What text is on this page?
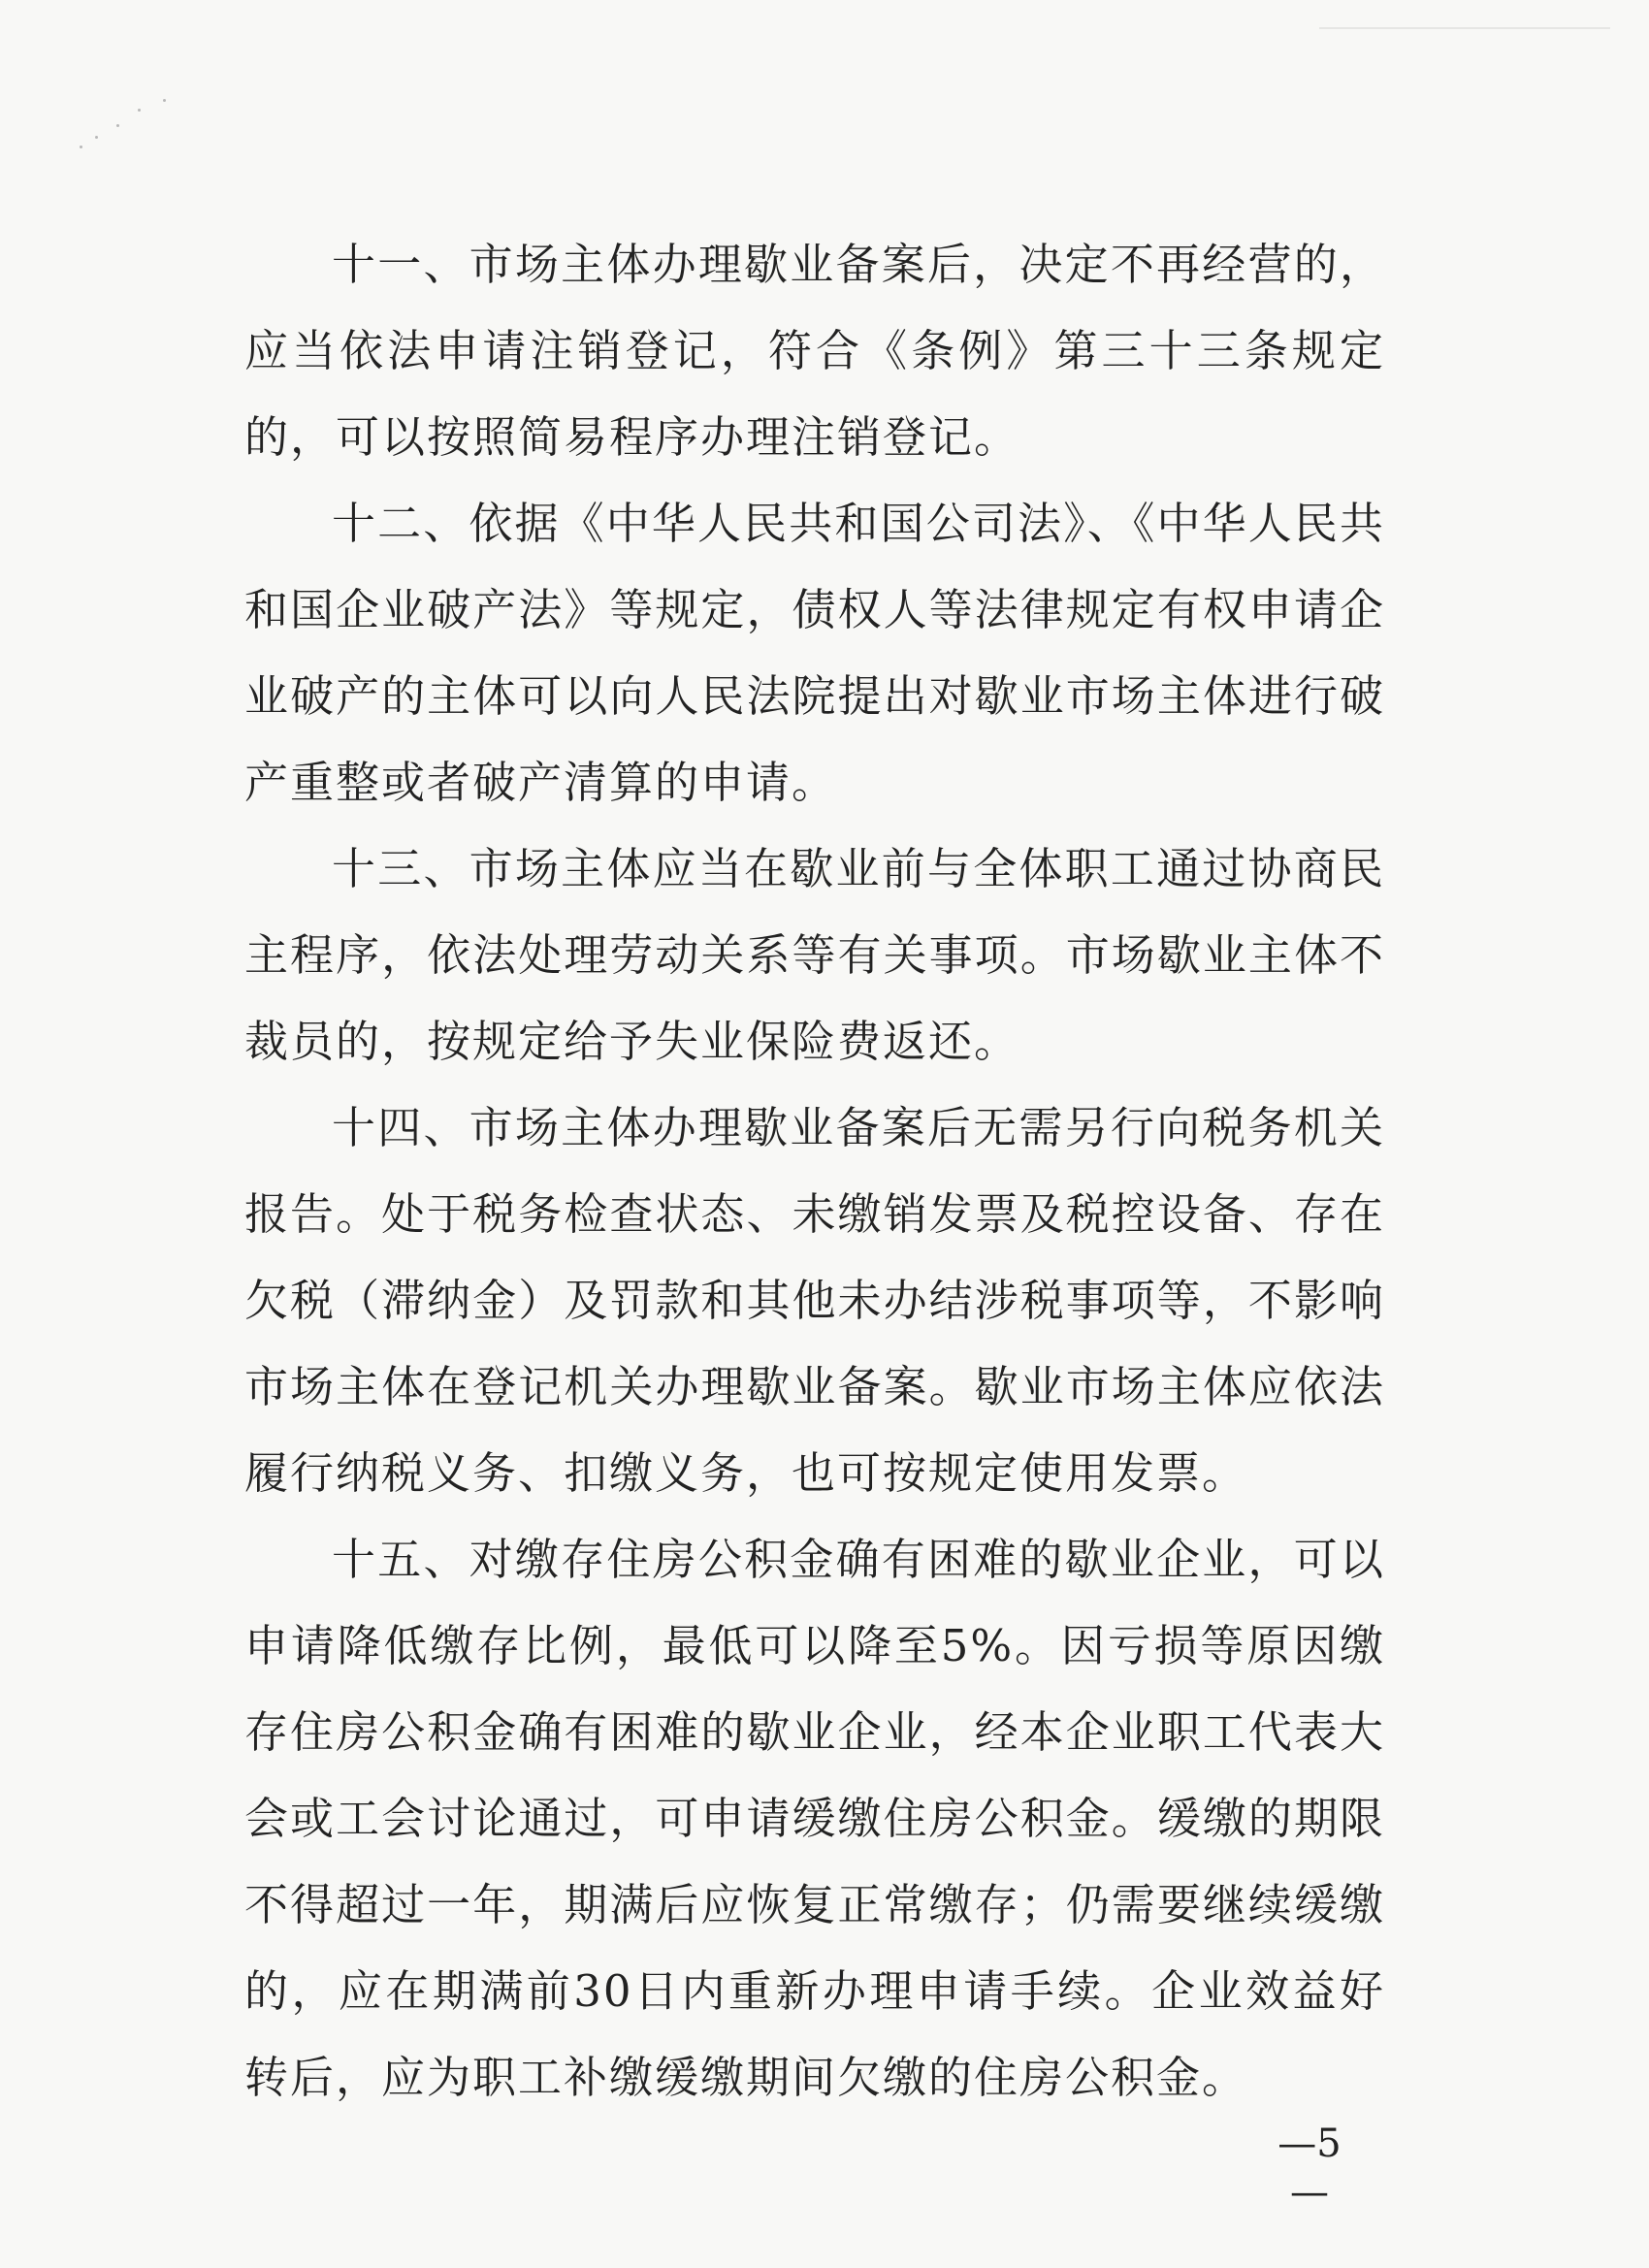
十一、市场主体办理歇业备案后，决定不再经营的，应当依法申请注销登记，符合《条例》第三十三条规定的，可以按照简易程序办理注销登记。

十二、依据《中华人民共和国公司法》、《中华人民共和国企业破产法》等规定，债权人等法律规定有权申请企业破产的主体可以向人民法院提出对歇业市场主体进行破产重整或者破产清算的申请。

十三、市场主体应当在歇业前与全体职工通过协商民主程序，依法处理劳动关系等有关事项。市场歇业主体不裁员的，按规定给予失业保险费返还。

十四、市场主体办理歇业备案后无需另行向税务机关报告。处于税务检查状态、未缴销发票及税控设备、存在欠税（滞纳金）及罚款和其他未办结涉税事项等，不影响市场主体在登记机关办理歇业备案。歇业市场主体应依法履行纳税义务、扣缴义务，也可按规定使用发票。

十五、对缴存住房公积金确有困难的歇业企业，可以申请降低缴存比例，最低可以降至5%。因亏损等原因缴存住房公积金确有困难的歇业企业，经本企业职工代表大会或工会讨论通过，可申请缓缴住房公积金。缓缴的期限不得超过一年，期满后应恢复正常缴存；仍需要继续缓缴的，应在期满前30日内重新办理申请手续。企业效益好转后，应为职工补缴缓缴期间欠缴的住房公积金。

—5—
